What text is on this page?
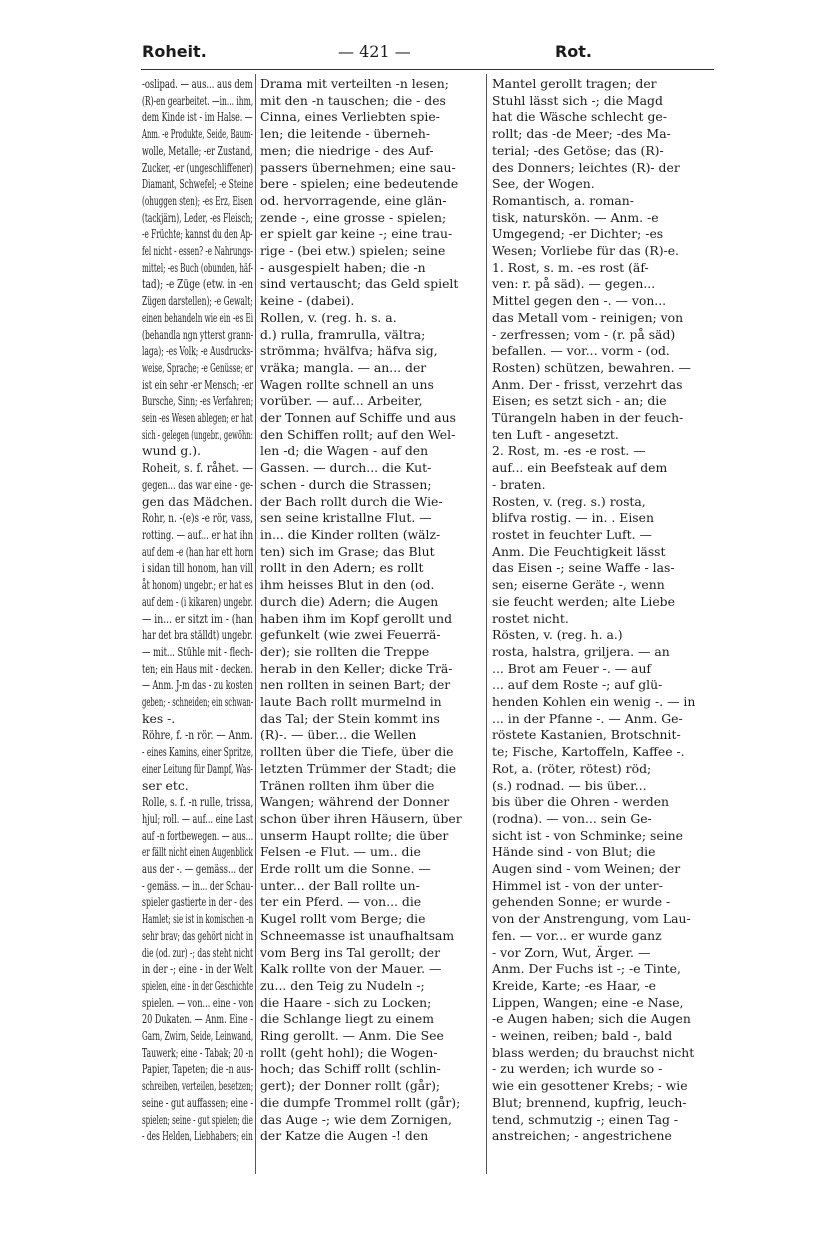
Roheit.	— 421 —	Rot.
-oslipad. — aus... aus dem
(R)-en gearbeitet. —in... ihm,
dem Kinde ist - im Halse. —
Anm. -e Produkte, Seide, Baum-
wolle, Metalle; -er Zustand,
Zucker, -er (ungeschliffener)
Diamant, Schwefel; -e Steine
(ohuggen sten); -es Erz, Eisen
(tackjärn), Leder, -es Fleisch;
-e Früchte; kannst du den Ap-
fel nicht - essen? -e Nahrungs-
mittel; -es Buch (obunden, häf-
tad); -e Züge (etw. in -en
Zügen darstellen); -e Gewalt;
einen behandeln wie ein -es Ei
(behandla ngn ytterst grann-
laga); -es Volk; -e Ausdrucks-
weise, Sprache; -e Genüsse; er
ist ein sehr -er Mensch; -er
Bursche, Sinn; -es Verfahren;
sein -es Wesen ablegen; er hat
sich - gelegen (ungebr., gewöhn:
wund g.).
Roheit, s. f. råhet. —
gegen... das war eine - ge-
gen das Mädchen.
Rohr, n. -(e)s -e rör, vass,
rotting. — auf... er hat ihn
auf dem -e (han har ett horn
i sidan till honom, han vill
åt honom) ungebr.; er hat es
auf dem - (i kikaren) ungebr.
— in... er sitzt im - (han
har det bra ställdt) ungebr.
— mit... Stühle mit - flech-
ten; ein Haus mit - decken.
— Anm. J-m das - zu kosten
geben; - schneiden; ein schwan-
kes -.
Röhre, f. -n rör. — Anm.
- eines Kamins, einer Spritze,
einer Leitung für Dampf, Was-
ser etc.
Rolle, s. f. -n rulle, trissa,
hjul; roll. — auf... eine Last
auf -n fortbewegen. — aus...
er fällt nicht einen Augenblick
aus der -. — gemäss... der
- gemäss. — in... der Schau-
spieler gastierte in der - des
Hamlet; sie ist in komischen -n
sehr brav; das gehört nicht in
die (od. zur) -; das steht nicht
in der -; eine - in der Welt
spielen, eine - in der Geschichte
spielen. — von... eine - von
20 Dukaten. — Anm. Eine -
Garn, Zwirn, Seide, Leinwand,
Tauwerk; eine - Tabak; 20 -n
Papier, Tapeten; die -n aus-
schreiben, verteilen, besetzen;
seine - gut auffassen; eine -
spielen; seine - gut spielen; die
- des Helden, Liebhabers; ein
Drama mit verteilten -n lesen;
mit den -n tauschen; die - des
Cinna, eines Verliebten spie-
len; die leitende - überneh-
men; die niedrige - des Auf-
passers übernehmen; eine sau-
bere - spielen; eine bedeutende
od. hervorragende, eine glän-
zende -, eine grosse - spielen;
er spielt gar keine -; eine trau-
rige - (bei etw.) spielen; seine
- ausgespielt haben; die -n
sind vertauscht; das Geld spielt
keine - (dabei).
Rollen, v. (reg. h. s. a.
d.) rulla, framrulla, vältra;
strömma; hvälfva; häfva sig,
vräka; mangla. — an... der
Wagen rollte schnell an uns
vorüber. — auf... Arbeiter,
der Tonnen auf Schiffe und aus
den Schiffen rollt; auf den Wel-
len -d; die Wagen - auf den
Gassen. — durch... die Kut-
schen - durch die Strassen;
der Bach rollt durch die Wie-
sen seine kristallne Flut. —
in... die Kinder rollten (wälz-
ten) sich im Grase; das Blut
rollt in den Adern; es rollt
ihm heisses Blut in den (od.
durch die) Adern; die Augen
haben ihm im Kopf gerollt und
gefunkelt (wie zwei Feuerrä-
der); sie rollten die Treppe
herab in den Keller; dicke Trä-
nen rollten in seinen Bart; der
laute Bach rollt murmelnd in
das Tal; der Stein kommt ins
(R)-. — über... die Wellen
rollten über die Tiefe, über die
letzten Trümmer der Stadt; die
Tränen rollten ihm über die
Wangen; während der Donner
schon über ihren Häusern, über
unserm Haupt rollte; die über
Felsen -e Flut. — um.. die
Erde rollt um die Sonne. —
unter... der Ball rollte un-
ter ein Pferd. — von... die
Kugel rollt vom Berge; die
Schneemasse ist unaufhaltsam
vom Berg ins Tal gerollt; der
Kalk rollte von der Mauer. —
zu... den Teig zu Nudeln -;
die Haare - sich zu Locken;
die Schlange liegt zu einem
Ring gerollt. — Anm. Die See
rollt (geht hohl); die Wogen-
hoch; das Schiff rollt (schlin-
gert); der Donner rollt (går);
die dumpfe Trommel rollt (går);
das Auge -; wie dem Zornigen,
der Katze die Augen -! den
Mantel gerollt tragen; der
Stuhl lässt sich -; die Magd
hat die Wäsche schlecht ge-
rollt; das -de Meer; -des Ma-
terial; -des Getöse; das (R)-
des Donners; leichtes (R)- der
See, der Wogen.
Romantisch, a. roman-
tisk, naturskön. — Anm. -e
Umgegend; -er Dichter; -es
Wesen; Vorliebe für das (R)-e.
1. Rost, s. m. -es rost (äf-
ven: r. på säd). — gegen...
Mittel gegen den -. — von...
das Metall vom - reinigen; von
- zerfressen; vom - (r. på säd)
befallen. — vor... vorm - (od.
Rosten) schützen, bewahren. —
Anm. Der - frisst, verzehrt das
Eisen; es setzt sich - an; die
Türangeln haben in der feuch-
ten Luft - angesetzt.
2. Rost, m. -es -e rost. —
auf... ein Beefsteak auf dem
- braten.
Rosten, v. (reg. s.) rosta,
blifva rostig. — in. . Eisen
rostet in feuchter Luft. —
Anm. Die Feuchtigkeit lässt
das Eisen -; seine Waffe - las-
sen; eiserne Geräte -, wenn
sie feucht werden; alte Liebe
rostet nicht.
Rösten, v. (reg. h. a.)
rosta, halstra, griljera. — an
... Brot am Feuer -. — auf
... auf dem Roste -; auf glü-
henden Kohlen ein wenig -. — in
... in der Pfanne -. — Anm. Ge-
röstete Kastanien, Brotschnit-
te; Fische, Kartoffeln, Kaffee -.
Rot, a. (röter, rötest) röd;
(s.) rodnad. — bis über...
bis über die Ohren - werden
(rodna). — von... sein Ge-
sicht ist - von Schminke; seine
Hände sind - von Blut; die
Augen sind - vom Weinen; der
Himmel ist - von der unter-
gehenden Sonne; er wurde -
von der Anstrengung, vom Lau-
fen. — vor... er wurde ganz
- vor Zorn, Wut, Ärger. —
Anm. Der Fuchs ist -; -e Tinte,
Kreide, Karte; -es Haar, -e
Lippen, Wangen; eine -e Nase,
-e Augen haben; sich die Augen
- weinen, reiben; bald -, bald
blass werden; du brauchst nicht
- zu werden; ich wurde so -
wie ein gesottener Krebs; - wie
Blut; brennend, kupfrig, leuch-
tend, schmutzig -; einen Tag -
anstreichen; - angestrichene
